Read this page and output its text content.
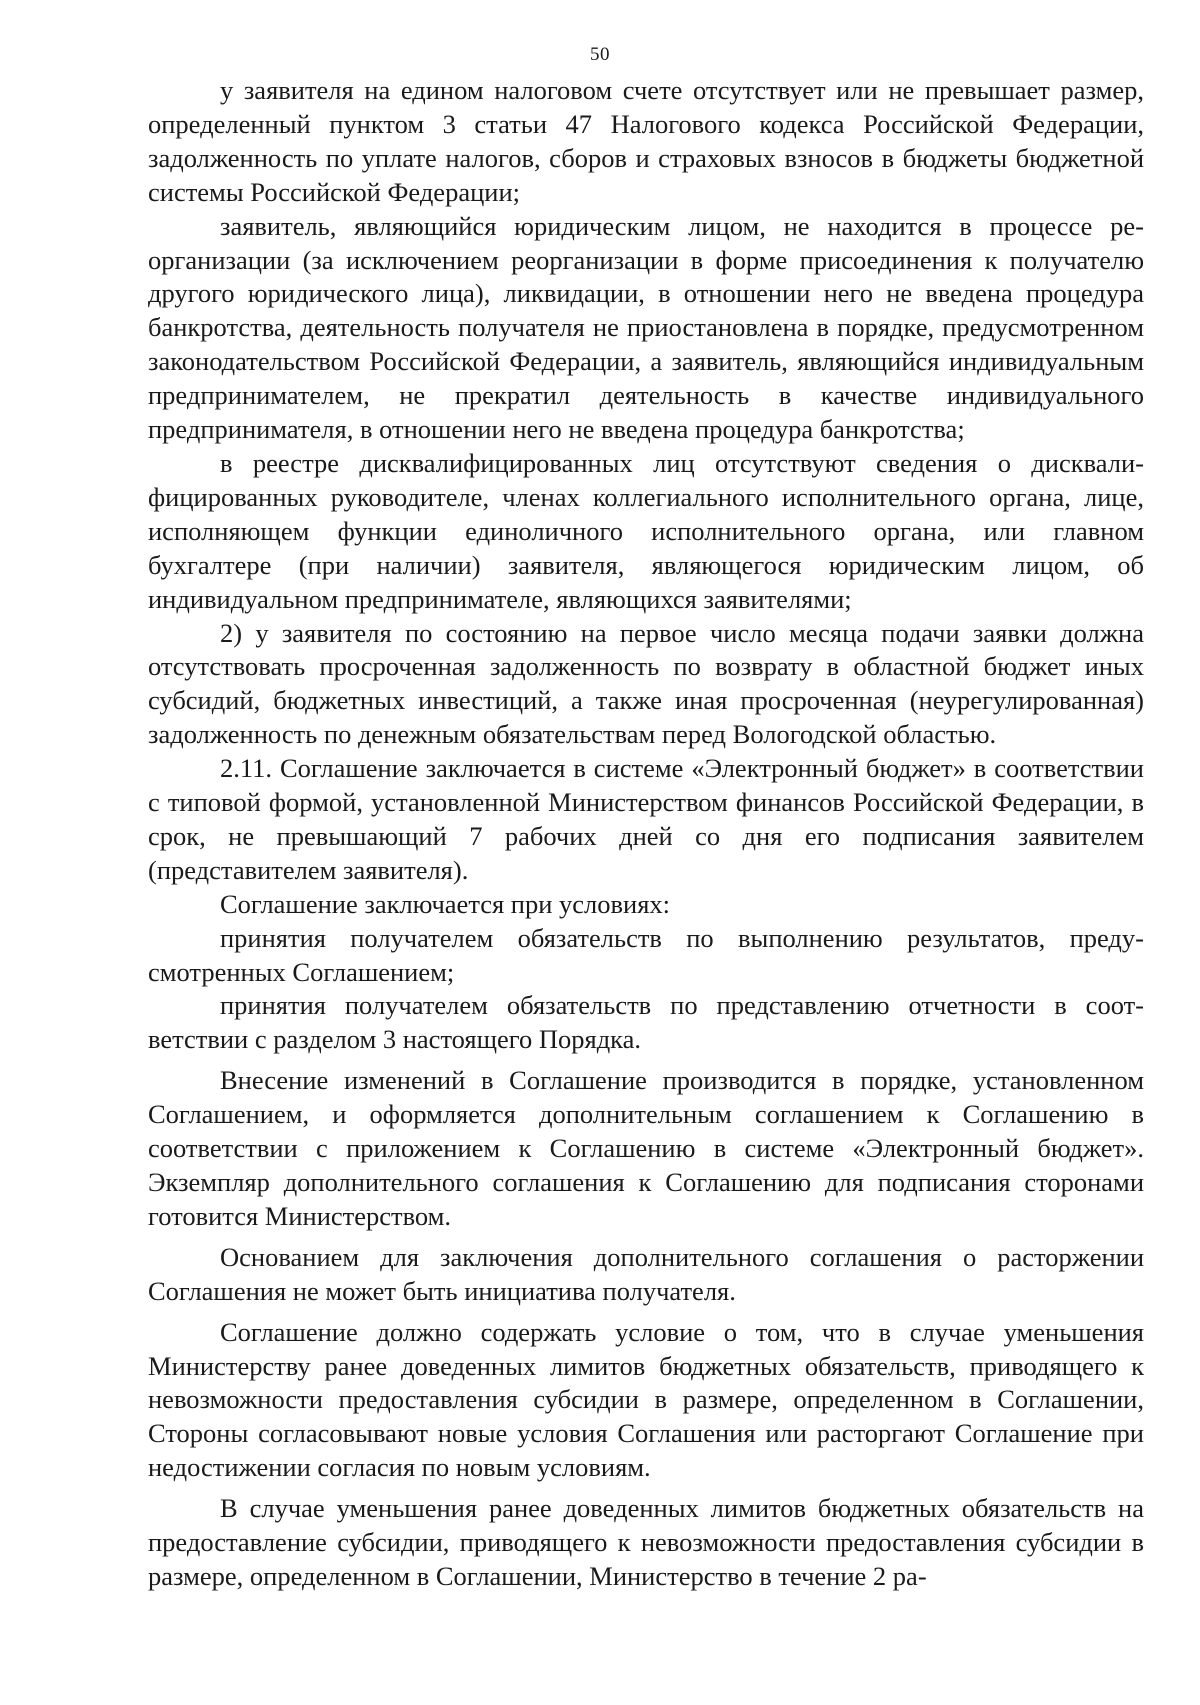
50

у заявителя на едином налоговом счете отсутствует или не превышает размер, определенный пунктом 3 статьи 47 Налогового кодекса Российской Федерации, задолженность по уплате налогов, сборов и страховых взносов в бюджеты бюджетной системы Российской Федерации;

заявитель, являющийся юридическим лицом, не находится в процессе реорганизации (за исключением реорганизации в форме присоединения к получателю другого юридического лица), ликвидации, в отношении него не введена процедура банкротства, деятельность получателя не приостановлена в порядке, предусмотренном законодательством Российской Федерации, а заявитель, являющийся индивидуальным предпринимателем, не прекратил деятельность в качестве индивидуального предпринимателя, в отношении него не введена процедура банкротства;

в реестре дисквалифицированных лиц отсутствуют сведения о дисквалифицированных руководителе, членах коллегиального исполнительного органа, лице, исполняющем функции единоличного исполнительного органа, или главном бухгалтере (при наличии) заявителя, являющегося юридическим лицом, об индивидуальном предпринимателе, являющихся заявителями;

2) у заявителя по состоянию на первое число месяца подачи заявки должна отсутствовать просроченная задолженность по возврату в областной бюджет иных субсидий, бюджетных инвестиций, а также иная просроченная (неурегулированная) задолженность по денежным обязательствам перед Вологодской областью.

2.11. Соглашение заключается в системе «Электронный бюджет» в соответствии с типовой формой, установленной Министерством финансов Российской Федерации, в срок, не превышающий 7 рабочих дней со дня его подписания заявителем (представителем заявителя).

Соглашение заключается при условиях:

принятия получателем обязательств по выполнению результатов, предусмотренных Соглашением;

принятия получателем обязательств по представлению отчетности в соответствии с разделом 3 настоящего Порядка.

Внесение изменений в Соглашение производится в порядке, установленном Соглашением, и оформляется дополнительным соглашением к Соглашению в соответствии с приложением к Соглашению в системе «Электронный бюджет». Экземпляр дополнительного соглашения к Соглашению для подписания сторонами готовится Министерством.

Основанием для заключения дополнительного соглашения о расторжении Соглашения не может быть инициатива получателя.

Соглашение должно содержать условие о том, что в случае уменьшения Министерству ранее доведенных лимитов бюджетных обязательств, приводящего к невозможности предоставления субсидии в размере, определенном в Соглашении, Стороны согласовывают новые условия Соглашения или расторгают Соглашение при недостижении согласия по новым условиям.

В случае уменьшения ранее доведенных лимитов бюджетных обязательств на предоставление субсидии, приводящего к невозможности предоставления субсидии в размере, определенном в Соглашении, Министерство в течение 2 ра-
